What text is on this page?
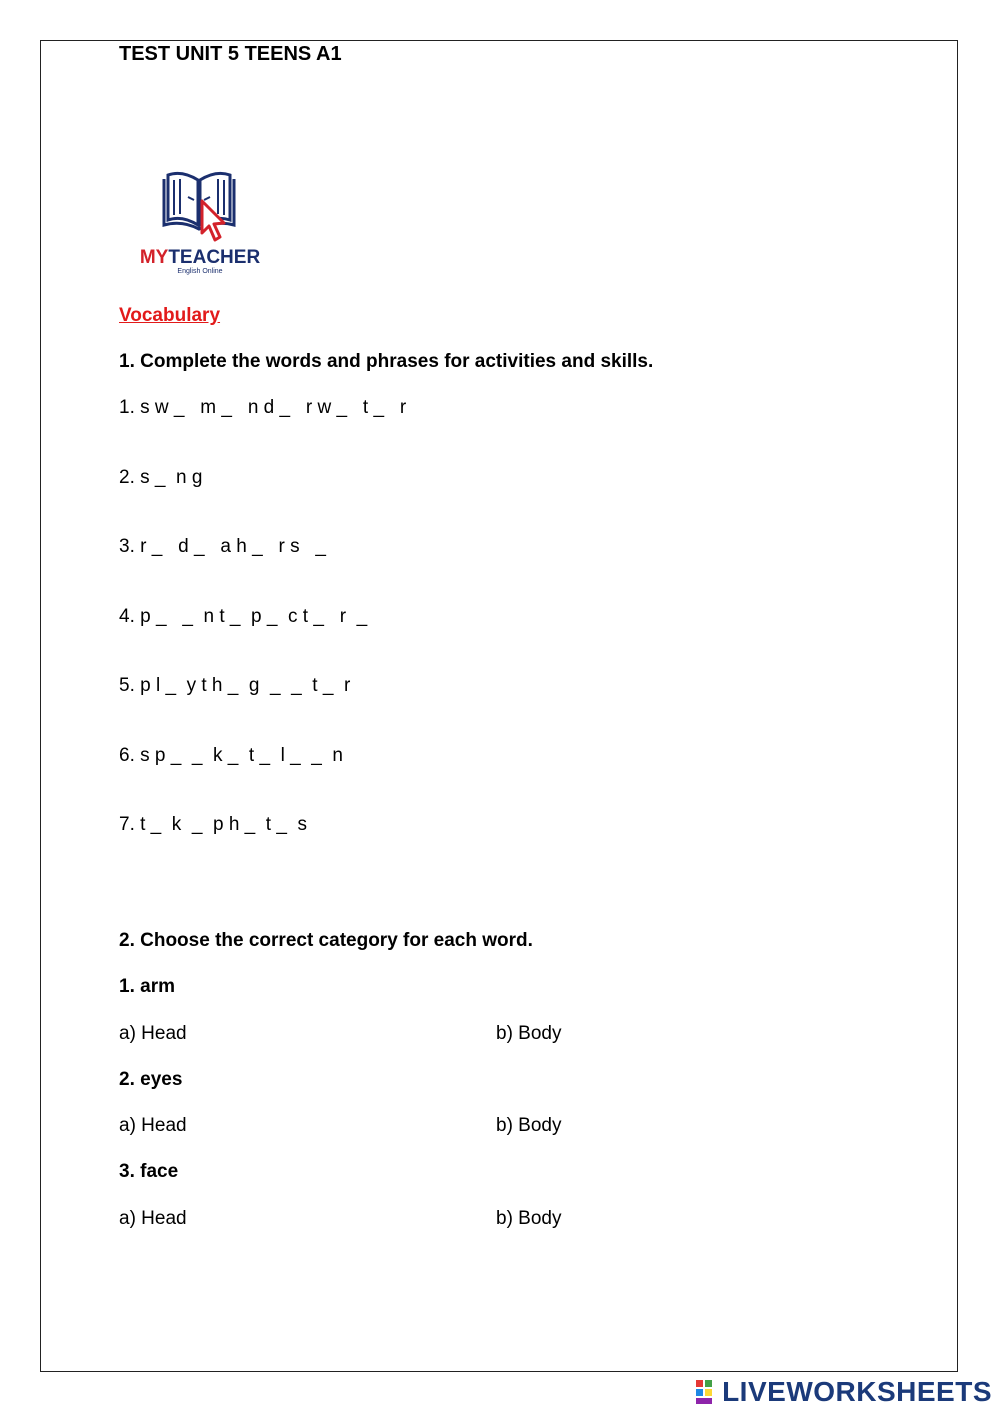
TEST UNIT 5 TEENS A1
MYTEACHER
English Online
Vocabulary
1. Complete the words and phrases for activities and skills.
1. s w _   m _   n d _   r w _   t _   r
2. s _  n g
3. r _   d _   a h _   r s   _
4. p _   _  n t _  p _  c t _   r  _
5. p l _  y t h _  g  _  _  t _  r
6. s p _  _  k _  t _  l _  _  n
7. t _  k  _  p h _  t _  s
2. Choose the correct category for each word.
1. arm
a) Head	b) Body
2. eyes
a) Head	b) Body
3. face
a) Head	b) Body
LIVEWORKSHEETS
